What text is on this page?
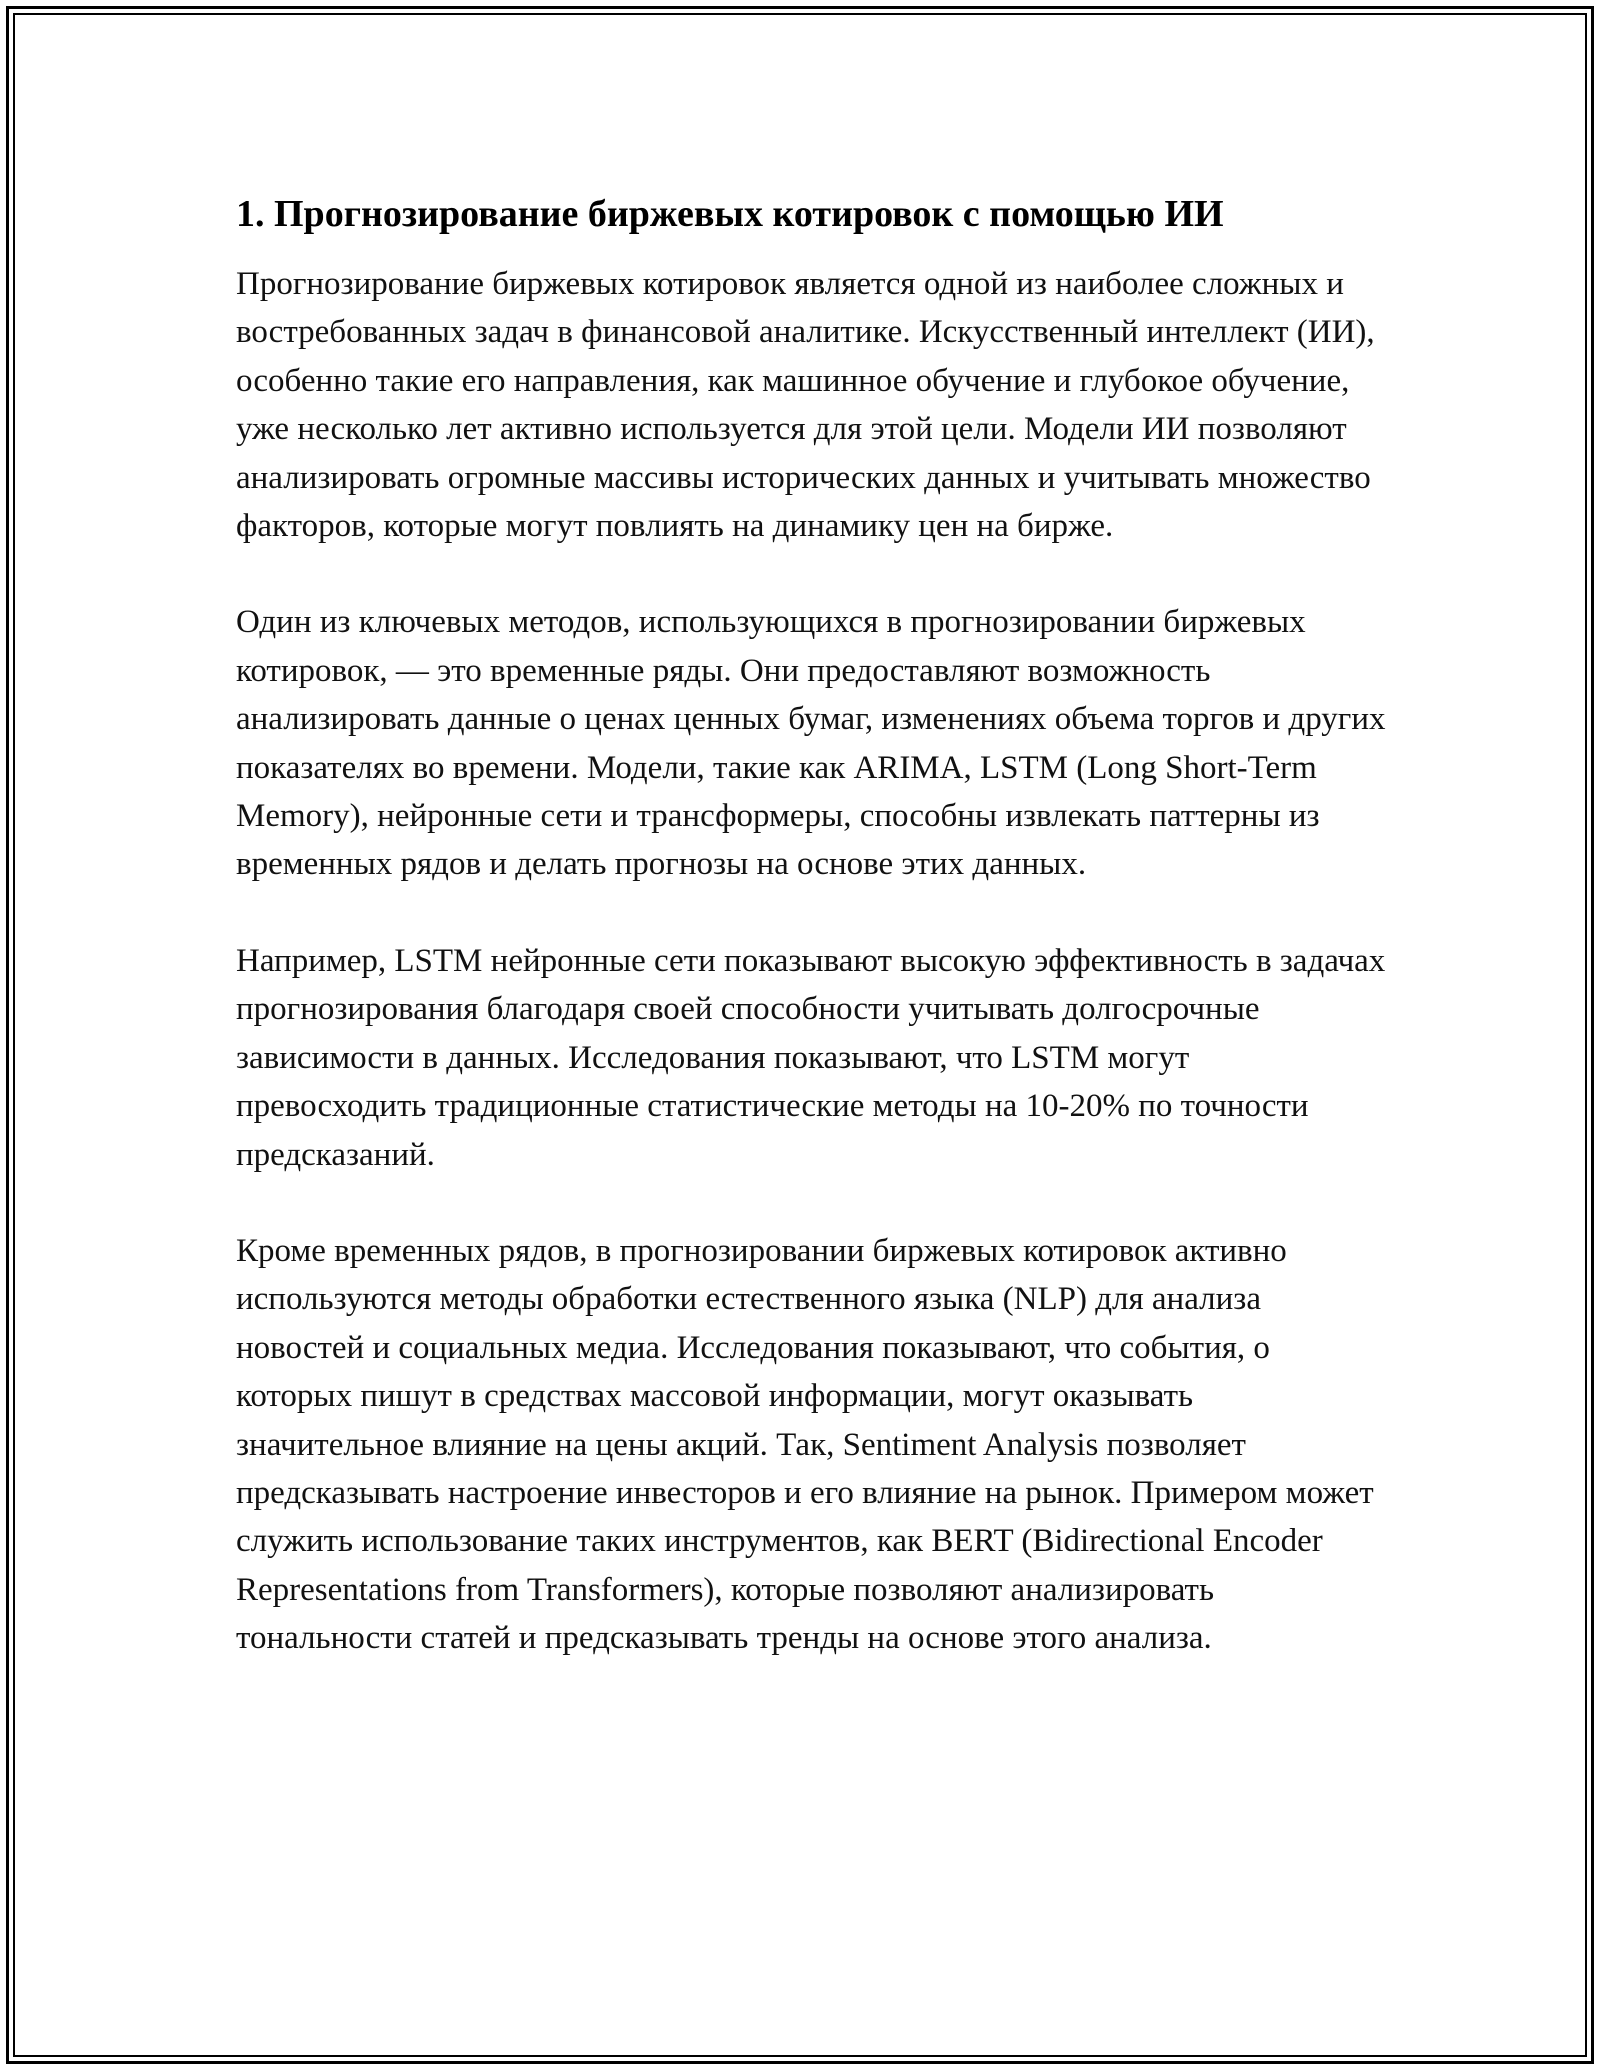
1. Прогнозирование биржевых котировок с помощью ИИ

Прогнозирование биржевых котировок является одной из наиболее сложных и востребованных задач в финансовой аналитике. Искусственный интеллект (ИИ), особенно такие его направления, как машинное обучение и глубокое обучение, уже несколько лет активно используется для этой цели. Модели ИИ позволяют анализировать огромные массивы исторических данных и учитывать множество факторов, которые могут повлиять на динамику цен на бирже.

Один из ключевых методов, использующихся в прогнозировании биржевых котировок, — это временные ряды. Они предоставляют возможность анализировать данные о ценах ценных бумаг, изменениях объема торгов и других показателях во времени. Модели, такие как ARIMA, LSTM (Long Short-Term Memory), нейронные сети и трансформеры, способны извлекать паттерны из временных рядов и делать прогнозы на основе этих данных.

Например, LSTM нейронные сети показывают высокую эффективность в задачах прогнозирования благодаря своей способности учитывать долгосрочные зависимости в данных. Исследования показывают, что LSTM могут превосходить традиционные статистические методы на 10-20% по точности предсказаний.

Кроме временных рядов, в прогнозировании биржевых котировок активно используются методы обработки естественного языка (NLP) для анализа новостей и социальных медиа. Исследования показывают, что события, о которых пишут в средствах массовой информации, могут оказывать значительное влияние на цены акций. Так, Sentiment Analysis позволяет предсказывать настроение инвесторов и его влияние на рынок. Примером может служить использование таких инструментов, как BERT (Bidirectional Encoder Representations from Transformers), которые позволяют анализировать тональности статей и предсказывать тренды на основе этого анализа.
